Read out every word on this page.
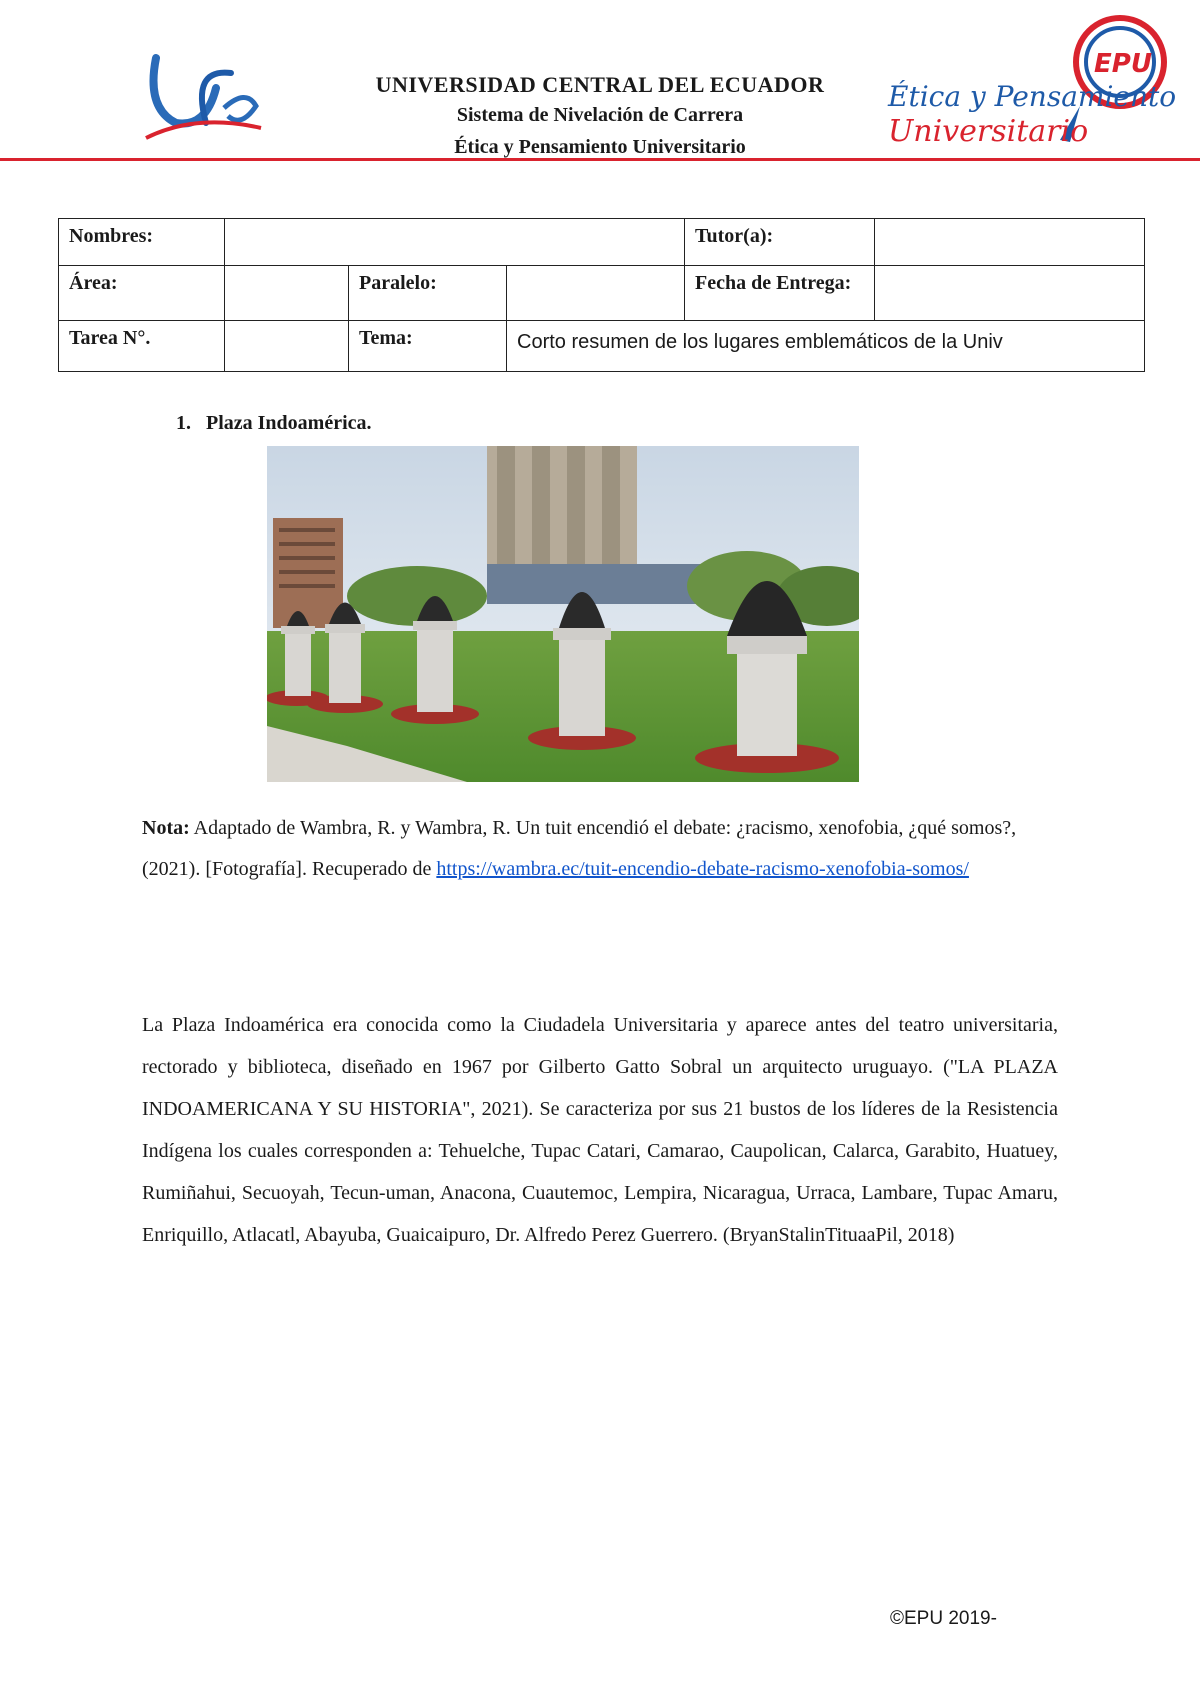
UNIVERSIDAD CENTRAL DEL ECUADOR
Sistema de Nivelación de Carrera
Ética y Pensamiento Universitario
EPU
Ética y Pensamiento
Universitario
Nombres:				Tutor(a):	
Área:		Paralelo:		Fecha de Entrega:	
Tarea N°.		Tema:	Corto resumen de los lugares emblemáticos de la Univ		
1. Plaza Indoamérica.
Nota: Adaptado de Wambra, R. y Wambra, R. Un tuit encendió el debate: ¿racismo, xenofobia, ¿qué somos?, (2021). [Fotografía]. Recuperado de https://wambra.ec/tuit-encendio-debate-racismo-xenofobia-somos/
La Plaza Indoamérica era conocida como la Ciudadela Universitaria y aparece antes del teatro universitaria, rectorado y biblioteca, diseñado en 1967 por Gilberto Gatto Sobral un arquitecto uruguayo. ("LA PLAZA INDOAMERICANA Y SU HISTORIA", 2021). Se caracteriza por sus 21 bustos de los líderes de la Resistencia Indígena los cuales corresponden a: Tehuelche, Tupac Catari, Camarao, Caupolican, Calarca, Garabito, Huatuey, Rumiñahui, Secuoyah, Tecun-uman, Anacona, Cuautemoc, Lempira, Nicaragua, Urraca, Lambare, Tupac Amaru, Enriquillo, Atlacatl, Abayuba, Guaicaipuro, Dr. Alfredo Perez Guerrero. (BryanStalinTituaaPil, 2018)
©EPU 2019-
